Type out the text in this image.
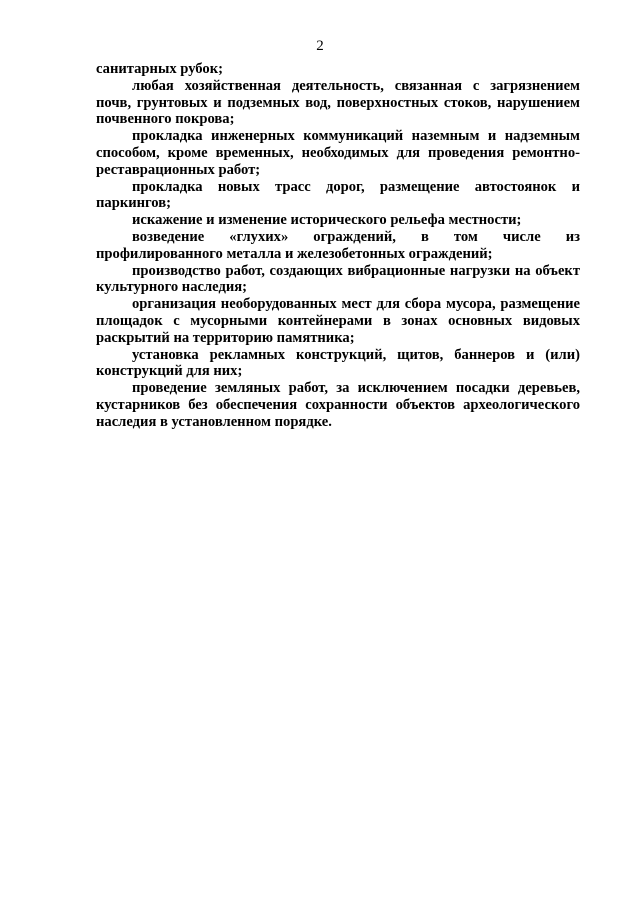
2

санитарных рубок;

любая хозяйственная деятельность, связанная с загрязнением почв, грунтовых и подземных вод, поверхностных стоков, нарушением почвенного покрова;

прокладка инженерных коммуникаций наземным и надземным способом, кроме временных, необходимых для проведения ремонтно-реставрационных работ;

прокладка новых трасс дорог, размещение автостоянок и паркингов;

искажение и изменение исторического рельефа местности;

возведение «глухих» ограждений, в том числе из профилированного металла и железобетонных ограждений;

производство работ, создающих вибрационные нагрузки на объект культурного наследия;

организация необорудованных мест для сбора мусора, размещение площадок с мусорными контейнерами в зонах основных видовых раскрытий на территорию памятника;

установка рекламных конструкций, щитов, баннеров и (или) конструкций для них;

проведение земляных работ, за исключением посадки деревьев, кустарников без обеспечения сохранности объектов археологического наследия в установленном порядке.
